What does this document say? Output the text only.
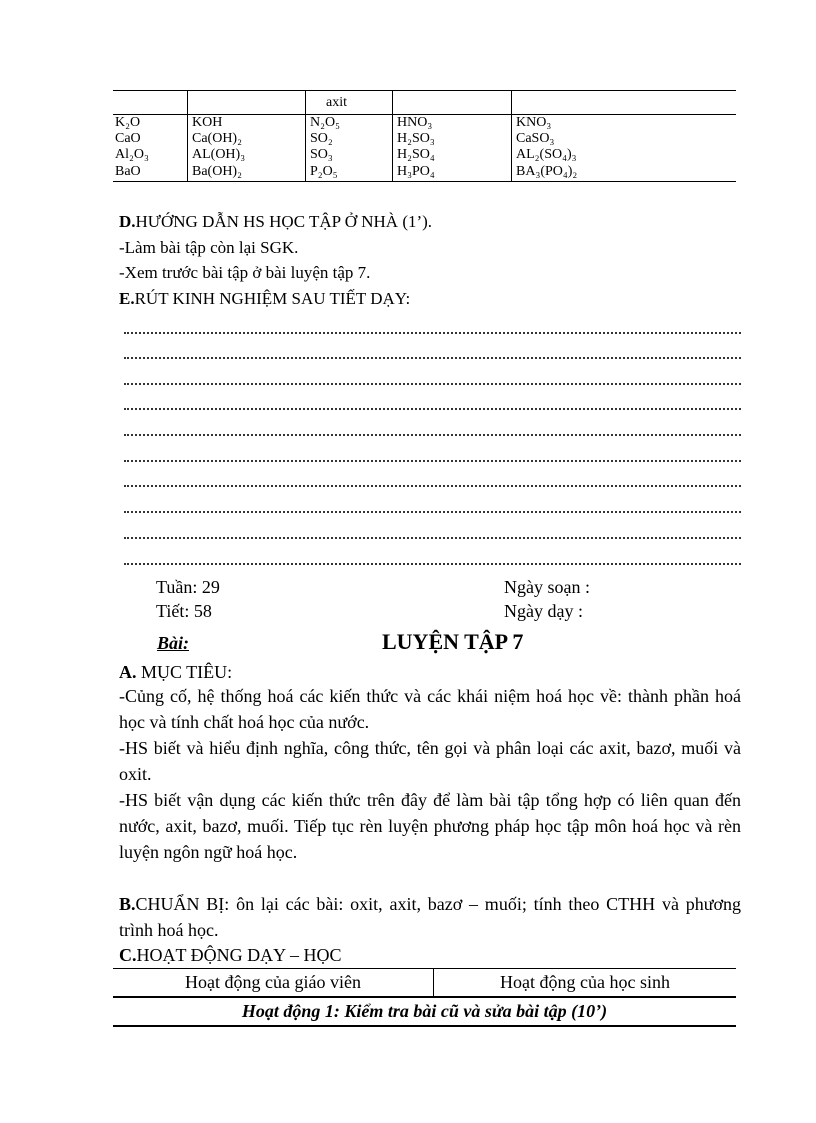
		axit		
K₂O	KOH	N₂O₅	HNO₃	KNO₃
CaO	Ca(OH)₂	SO₂	H₂SO₃	CaSO₃
Al₂O₃	AL(OH)₃	SO₃	H₂SO₄	AL₂(SO₄)₃
BaO	Ba(OH)₂	P₂O₅	H₃PO₄	BA₃(PO₄)₂
D.HƯỚNG DẪN HS HỌC TẬP Ở NHÀ (1’).
-Làm bài tập còn lại SGK.
-Xem trước bài tập ở bài luyện tập 7.
E.RÚT KINH NGHIỆM SAU TIẾT DẠY:
Tuần: 29	Ngày soạn :
Tiết: 58	Ngày dạy :
Bài:	LUYỆN TẬP 7
A. MỤC TIÊU:
-Củng cố, hệ thống hoá các kiến thức và các khái niệm hoá học về: thành phần hoá học và tính chất hoá học của nước.
-HS biết và hiểu định nghĩa, công thức, tên gọi và phân loại các axit, bazơ, muối và oxit.
-HS biết vận dụng các kiến thức trên đây để làm bài tập tổng hợp có liên quan đến nước, axit, bazơ, muối. Tiếp tục rèn luyện phương pháp học tập môn hoá học và rèn luyện ngôn ngữ hoá học.
B.CHUẨN BỊ: ôn lại các bài: oxit, axit, bazơ – muối; tính theo CTHH và phương trình hoá học.
C.HOẠT ĐỘNG DẠY – HỌC
Hoạt động của giáo viên	Hoạt động của học sinh
Hoạt động 1: Kiểm tra bài cũ và sửa bài tập (10’)
